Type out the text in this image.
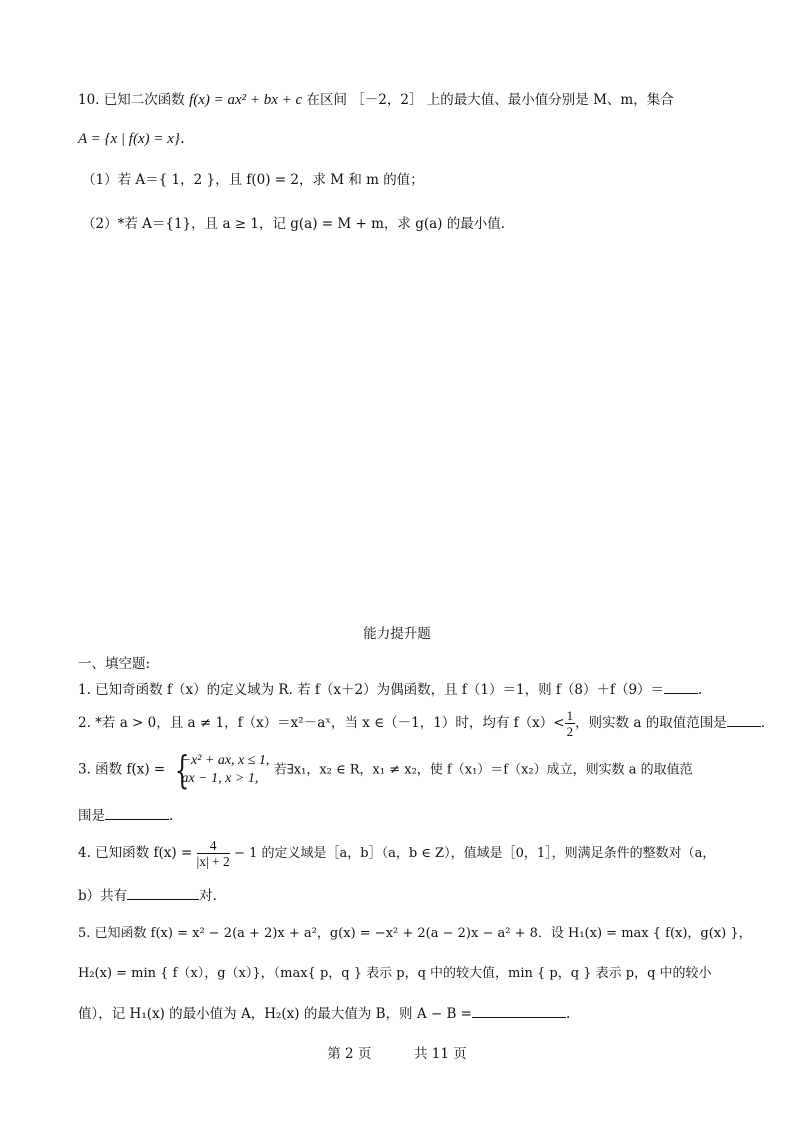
10. 已知二次函数 f(x) = ax² + bx + c 在区间 ［－2，2］ 上的最大值、最小值分别是 M、m，集合
A = {x | f(x) = x}．
（1）若 A＝{ 1，2 }，且 f(0) = 2，求 M 和 m 的值；
（2）*若 A＝{1}，且 a ≥ 1，记 g(a) = M + m，求 g(a) 的最小值.
能力提升题
一、填空题:
1. 已知奇函数 f（x）的定义域为 R. 若 f（x＋2）为偶函数，且 f（1）＝1，则 f（8）＋f（9）＝	.
2. *若 a > 0，且 a ≠ 1，f（x）＝x²－aˣ，当 x ∈（－1，1）时，均有 $f(x)< \frac{1}{2}$ ，则实数 a 的取值范围是	.
3. 函数 f(x) = {
−x² + ax, x ≤ 1,
ax − 1, x > 1,
若∃x₁，x₂ ∈ R，x₁ ≠ x₂，使 f（x₁）＝f（x₂）成立，则实数 a 的取值范
围是	.
4. 已知函数 $f(x) = \frac{4}{|x| + 2} - 1$ 的定义域是［a，b］（a，b ∈ Z），值域是［0，1］，则满足条件的整数对（a，
b）共有	对.
5. 已知函数 f(x) = x² − 2(a + 2)x + a²，g(x) = −x² + 2(a − 2)x − a² + 8．设 H₁(x) = max { f(x)，g(x) }，
H₂(x) = min { f（x），g（x）}，（max{ p，q } 表示 p，q 中的较大值，min { p，q } 表示 p，q 中的较小
值），记 H₁(x) 的最小值为 A，H₂(x) 的最大值为 B，则 A − B =	.
第 2 页	共 11 页
